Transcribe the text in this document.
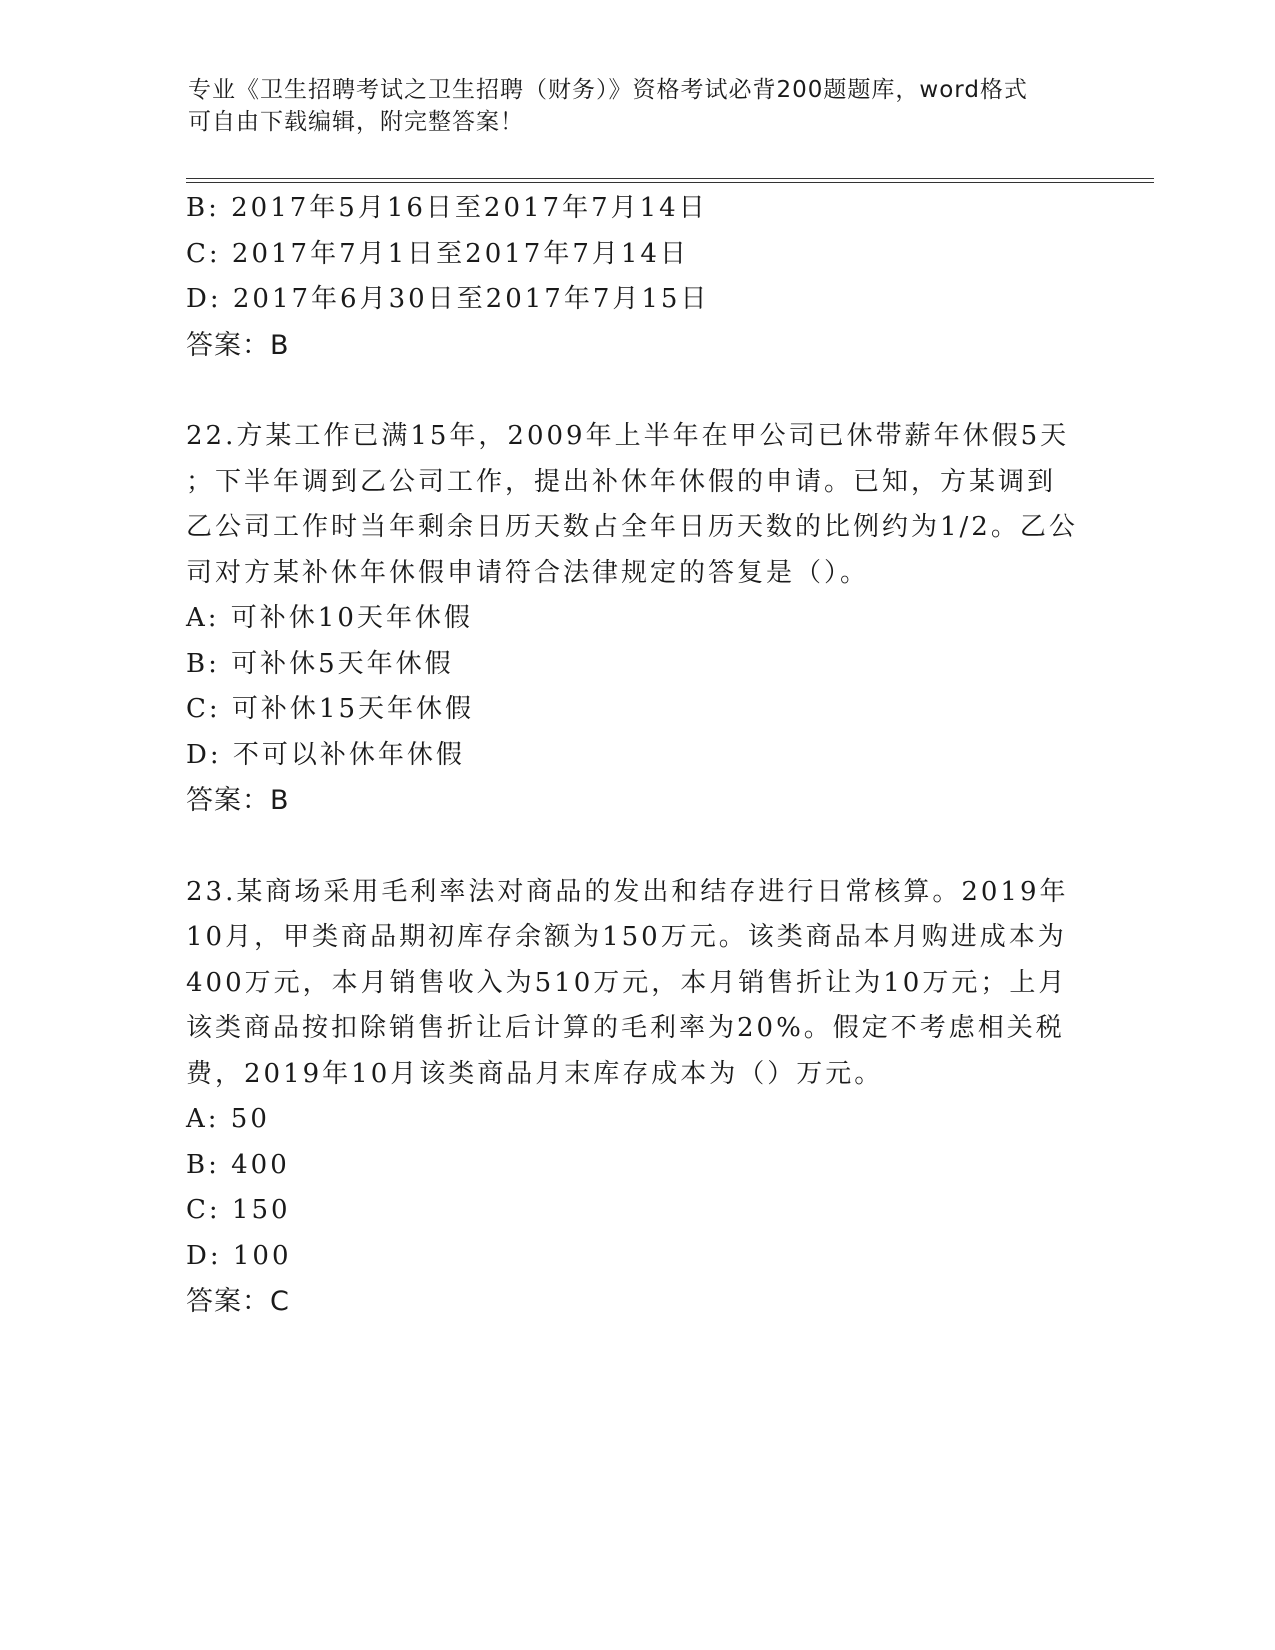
专业《卫生招聘考试之卫生招聘（财务）》资格考试必背200题题库，word格式
可自由下载编辑，附完整答案！
B: 2017年5月16日至2017年7月14日
C: 2017年7月1日至2017年7月14日
D: 2017年6月30日至2017年7月15日
答案：B
22.方某工作已满15年，2009年上半年在甲公司已休带薪年休假5天
；下半年调到乙公司工作，提出补休年休假的申请。已知，方某调到
乙公司工作时当年剩余日历天数占全年日历天数的比例约为1/2。乙公
司对方某补休年休假申请符合法律规定的答复是（）。
A: 可补休10天年休假
B: 可补休5天年休假
C: 可补休15天年休假
D: 不可以补休年休假
答案：B
23.某商场采用毛利率法对商品的发出和结存进行日常核算。2019年
10月，甲类商品期初库存余额为150万元。该类商品本月购进成本为
400万元，本月销售收入为510万元，本月销售折让为10万元；上月
该类商品按扣除销售折让后计算的毛利率为20%。假定不考虑相关税
费，2019年10月该类商品月末库存成本为（）万元。
A: 50
B: 400
C: 150
D: 100
答案：C
